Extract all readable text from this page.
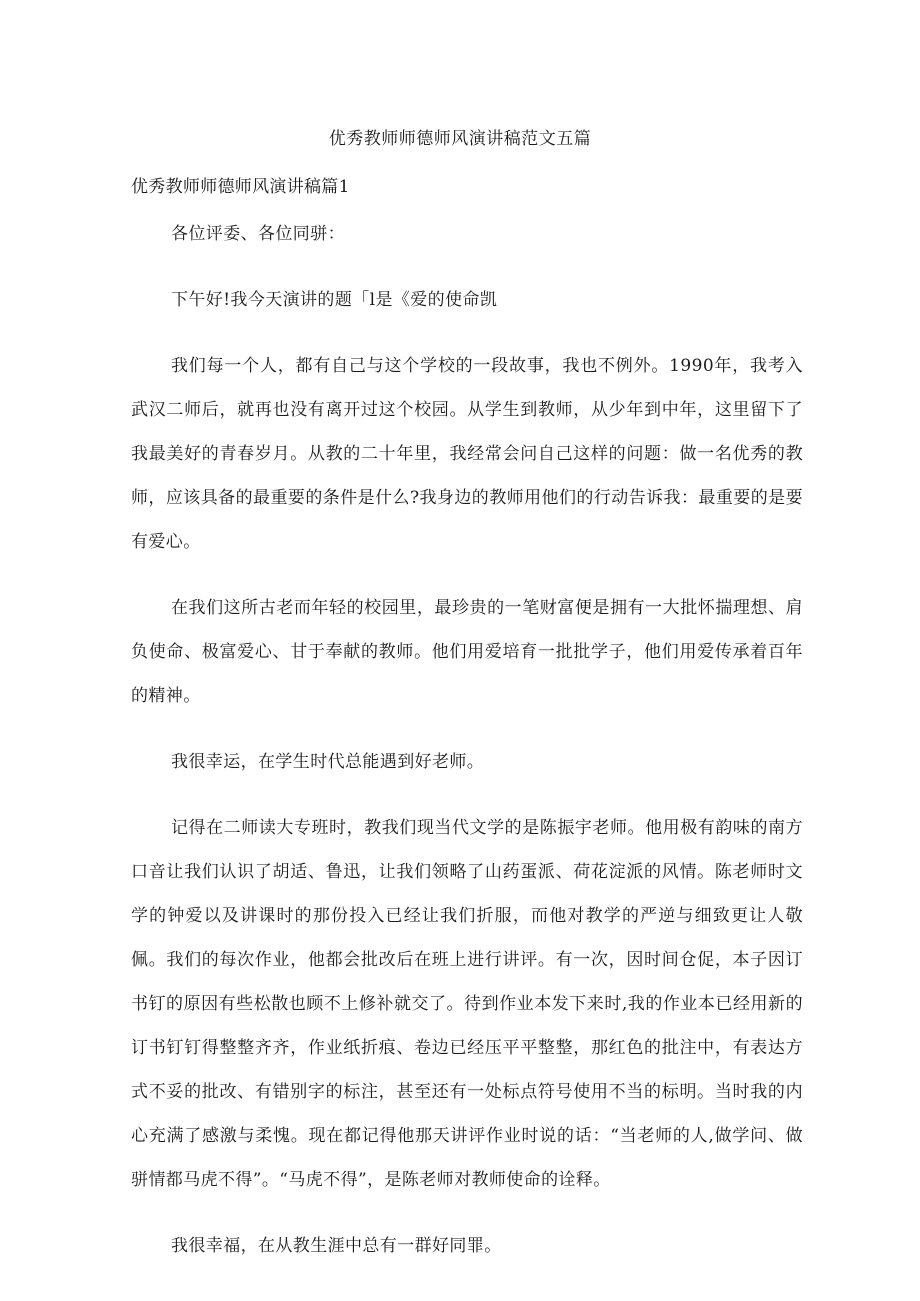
优秀教师师德师风演讲稿范文五篇
优秀教师师德师风演讲稿篇1

各位评委、各位同骈：

下午好!我今天演讲的题「l是《爱的使命凯

我们每一个人，都有自己与这个学校的一段故事，我也不例外。1990年，我考入武汉二师后，就再也没有离开过这个校园。从学生到教师，从少年到中年，这里留下了我最美好的青春岁月。从教的二十年里，我经常会问自己这样的问题：做一名优秀的教师，应该具备的最重要的条件是什么?我身边的教师用他们的行动告诉我：最重要的是要有爱心。

在我们这所古老而年轻的校园里，最珍贵的一笔财富便是拥有一大批怀揣理想、肩负使命、极富爱心、甘于奉献的教师。他们用爱培育一批批学子，他们用爱传承着百年的精神。

我很幸运，在学生时代总能遇到好老师。

记得在二师读大专班时，教我们现当代文学的是陈振宇老师。他用极有韵味的南方口音让我们认识了胡适、鲁迅，让我们领略了山药蛋派、荷花淀派的风情。陈老师时文学的钟爱以及讲课时的那份投入已经让我们折服，而他对教学的严逆与细致更让人敬佩。我们的每次作业，他都会批改后在班上进行讲评。有一次，因时间仓促，本子因订书钉的原因有些松散也顾不上修补就交了。待到作业本发下来时,我的作业本已经用新的订书钉钉得整整齐齐，作业纸折痕、卷边已经压平平整整，那红色的批注中，有表达方式不妥的批改、有错别字的标注，甚至还有一处标点符号使用不当的标明。当时我的内心充满了感激与柔愧。现在都记得他那天讲评作业时说的话：“当老师的人,做学问、做骈情都马虎不得”。“马虎不得”，是陈老师对教师使命的诠释。

我很幸福，在从教生涯中总有一群好同罪。
